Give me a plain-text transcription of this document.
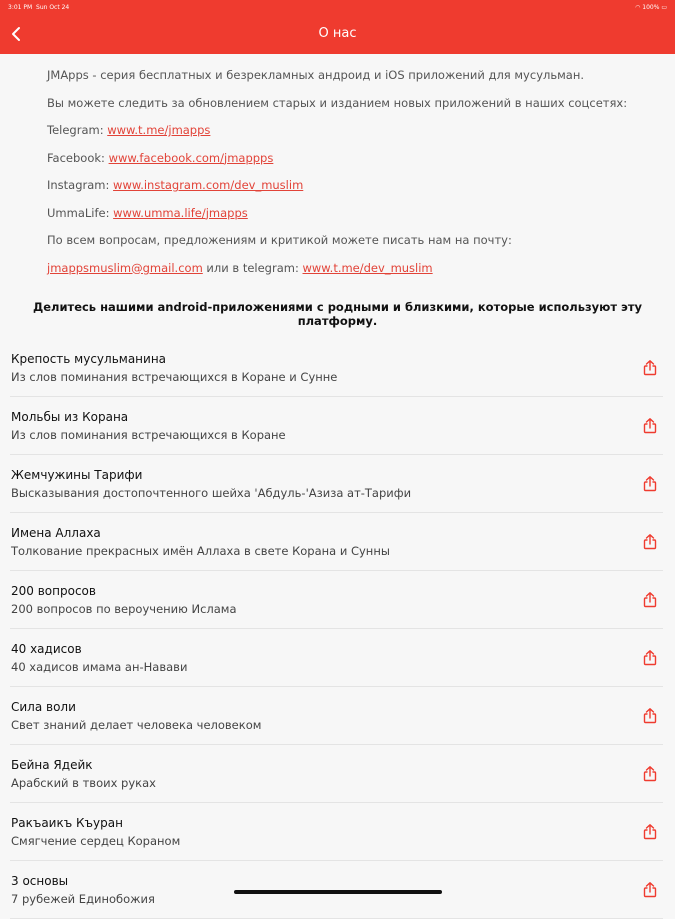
3:01 PM Sun Oct 24	◠ 100% ▭
О нас
JMApps - серия бесплатных и безрекламных андроид и iOS приложений для мусульман.
Вы можете следить за обновлением старых и изданием новых приложений в наших соцсетях:
Telegram: www.t.me/jmapps
Facebook: www.facebook.com/jmappps
Instagram: www.instagram.com/dev_muslim
UmmaLife: www.umma.life/jmapps
По всем вопросам, предложениям и критикой можете писать нам на почту:
jmappsmuslim@gmail.com или в telegram: www.t.me/dev_muslim
Делитесь нашими android-приложениями с родными и близкими, которые используют эту платформу.
Крепость мусульманина
Из слов поминания встречающихся в Коране и Сунне
Мольбы из Корана
Из слов поминания встречающихся в Коране
Жемчужины Тарифи
Высказывания достопочтенного шейха 'Абдуль-'Азиза ат-Тарифи
Имена Аллаха
Толкование прекрасных имён Аллаха в свете Корана и Сунны
200 вопросов
200 вопросов по вероучению Ислама
40 хадисов
40 хадисов имама ан-Навави
Сила воли
Свет знаний делает человека человеком
Бейна Ядейк
Арабский в твоих руках
Ракъаикъ Къуран
Смягчение сердец Кораном
3 основы
7 рубежей Единобожия
